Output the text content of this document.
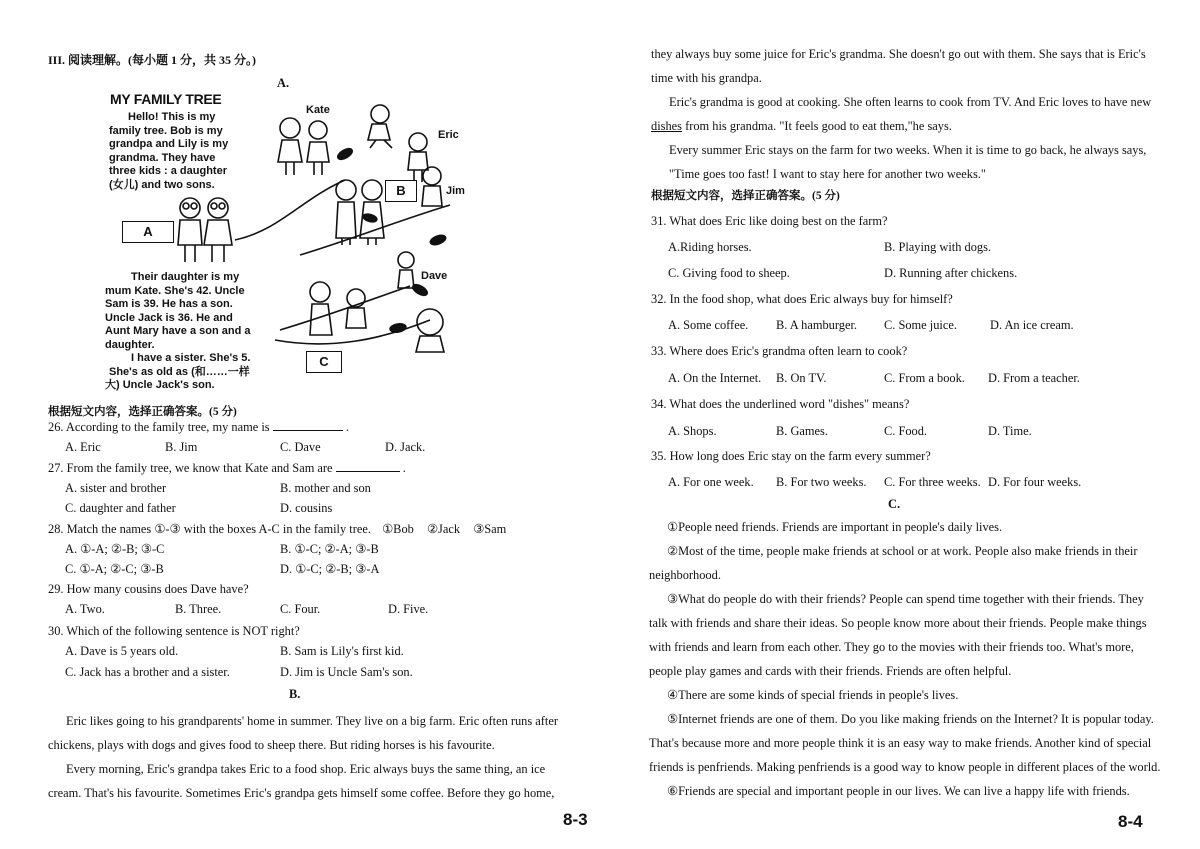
III. 阅读理解。(每小题 1 分，共 35 分。)
A.
MY FAMILY TREE
Hello! This is my
family tree. Bob is my
grandpa and Lily is my
grandma. They have
three kids : a daughter
(女儿) and two sons.
Their daughter is my
mum Kate. She's 42. Uncle
Sam is 39. He has a son.
Uncle Jack is 36. He and
Aunt Mary have a son and a
daughter.
I have a sister. She's 5.
She's as old as (和……一样
大) Uncle Jack's son.
Kate
Eric
Jim
Dave
A
B
C
根据短文内容，选择正确答案。(5 分)
26. According to the family tree, my name is	.
A. Eric	B. Jim	C. Dave	D. Jack.
27. From the family tree, we know that Kate and Sam are	.
A. sister and brother	B. mother and son
C. daughter and father	D. cousins
28. Match the names ①-③ with the boxes A-C in the family tree. ①Bob ②Jack ③Sam
A. ①-A; ②-B; ③-C	B. ①-C; ②-A; ③-B
C. ①-A; ②-C; ③-B	D. ①-C; ②-B; ③-A
29. How many cousins does Dave have?
A. Two.	B. Three.	C. Four.	D. Five.
30. Which of the following sentence is NOT right?
A. Dave is 5 years old.	B. Sam is Lily's first kid.
C. Jack has a brother and a sister.	D. Jim is Uncle Sam's son.
B.
Eric likes going to his grandparents' home in summer. They live on a big farm. Eric often runs after
chickens, plays with dogs and gives food to sheep there. But riding horses is his favourite.
Every morning, Eric's grandpa takes Eric to a food shop. Eric always buys the same thing, an ice
cream. That's his favourite. Sometimes Eric's grandpa gets himself some coffee. Before they go home,
8-3
they always buy some juice for Eric's grandma. She doesn't go out with them. She says that is Eric's
time with his grandpa.
Eric's grandma is good at cooking. She often learns to cook from TV. And Eric loves to have new
dishes from his grandma. "It feels good to eat them,"he says.
Every summer Eric stays on the farm for two weeks. When it is time to go back, he always says,
"Time goes too fast! I want to stay here for another two weeks."
根据短文内容，选择正确答案。(5 分)
31. What does Eric like doing best on the farm?
A.Riding horses.	B. Playing with dogs.
C. Giving food to sheep.	D. Running after chickens.
32. In the food shop, what does Eric always buy for himself?
A. Some coffee. B. A hamburger. C. Some juice.	D. An ice cream.
33. Where does Eric's grandma often learn to cook?
A. On the Internet. B. On TV.	C. From a book. D. From a teacher.
34. What does the underlined word "dishes" means?
A. Shops.	B. Games.	C. Food.	D. Time.
35. How long does Eric stay on the farm every summer?
A. For one week. B. For two weeks. C. For three weeks. D. For four weeks.
C.
①People need friends. Friends are important in people's daily lives.
②Most of the time, people make friends at school or at work. People also make friends in their
neighborhood.
③What do people do with their friends? People can spend time together with their friends. They
talk with friends and share their ideas. So people know more about their friends. People make things
with friends and learn from each other. They go to the movies with their friends too. What's more,
people play games and cards with their friends. Friends are often helpful.
④There are some kinds of special friends in people's lives.
⑤Internet friends are one of them. Do you like making friends on the Internet? It is popular today.
That's because more and more people think it is an easy way to make friends. Another kind of special
friends is penfriends. Making penfriends is a good way to know people in different places of the world.
⑥Friends are special and important people in our lives. We can live a happy life with friends.
8-4
